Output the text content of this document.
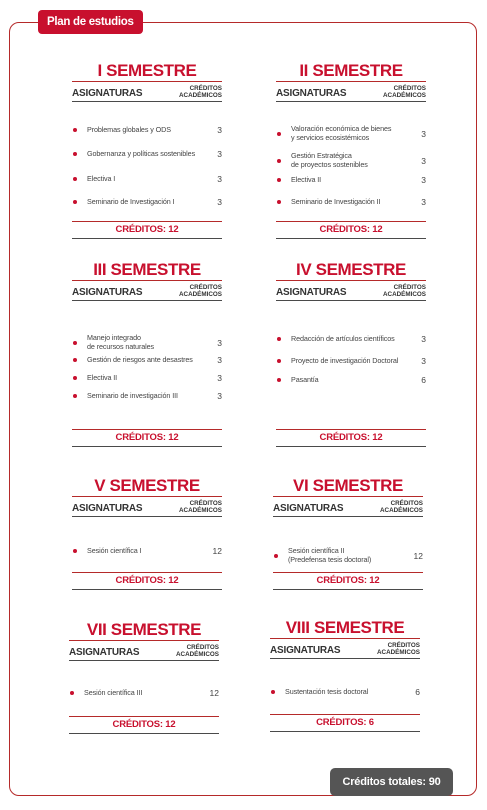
Plan de estudios
I SEMESTRE
ASIGNATURAS	CRÉDITOS
ACADÉMICOS
Problemas globales y ODS	3
Gobernanza y políticas sostenibles	3
Electiva I	3
Seminario de Investigación I	3
CRÉDITOS: 12
II SEMESTRE
ASIGNATURAS	CRÉDITOS
ACADÉMICOS
Valoración económica de bienes
y servicios ecosistémicos	3
Gestión Estratégica
de proyectos sostenibles	3
Electiva II	3
Seminario de Investigación II	3
CRÉDITOS: 12
III SEMESTRE
ASIGNATURAS	CRÉDITOS
ACADÉMICOS
Manejo integrado
de recursos naturales	3
Gestión de riesgos ante desastres	3
Electiva II	3
Seminario de investigación III	3
CRÉDITOS: 12
IV SEMESTRE
ASIGNATURAS	CRÉDITOS
ACADÉMICOS
Redacción de artículos científicos	3
Proyecto de investigación Doctoral	3
Pasantía	6
CRÉDITOS: 12
V SEMESTRE
ASIGNATURAS	CRÉDITOS
ACADÉMICOS
Sesión científica I	12
CRÉDITOS: 12
VI SEMESTRE
ASIGNATURAS	CRÉDITOS
ACADÉMICOS
Sesión científica II
(Predefensa tesis doctoral)	12
CRÉDITOS: 12
VII SEMESTRE
ASIGNATURAS	CRÉDITOS
ACADÉMICOS
Sesión científica III	12
CRÉDITOS: 12
VIII SEMESTRE
ASIGNATURAS	CRÉDITOS
ACADÉMICOS
Sustentación tesis doctoral	6
CRÉDITOS: 6
Créditos totales: 90
